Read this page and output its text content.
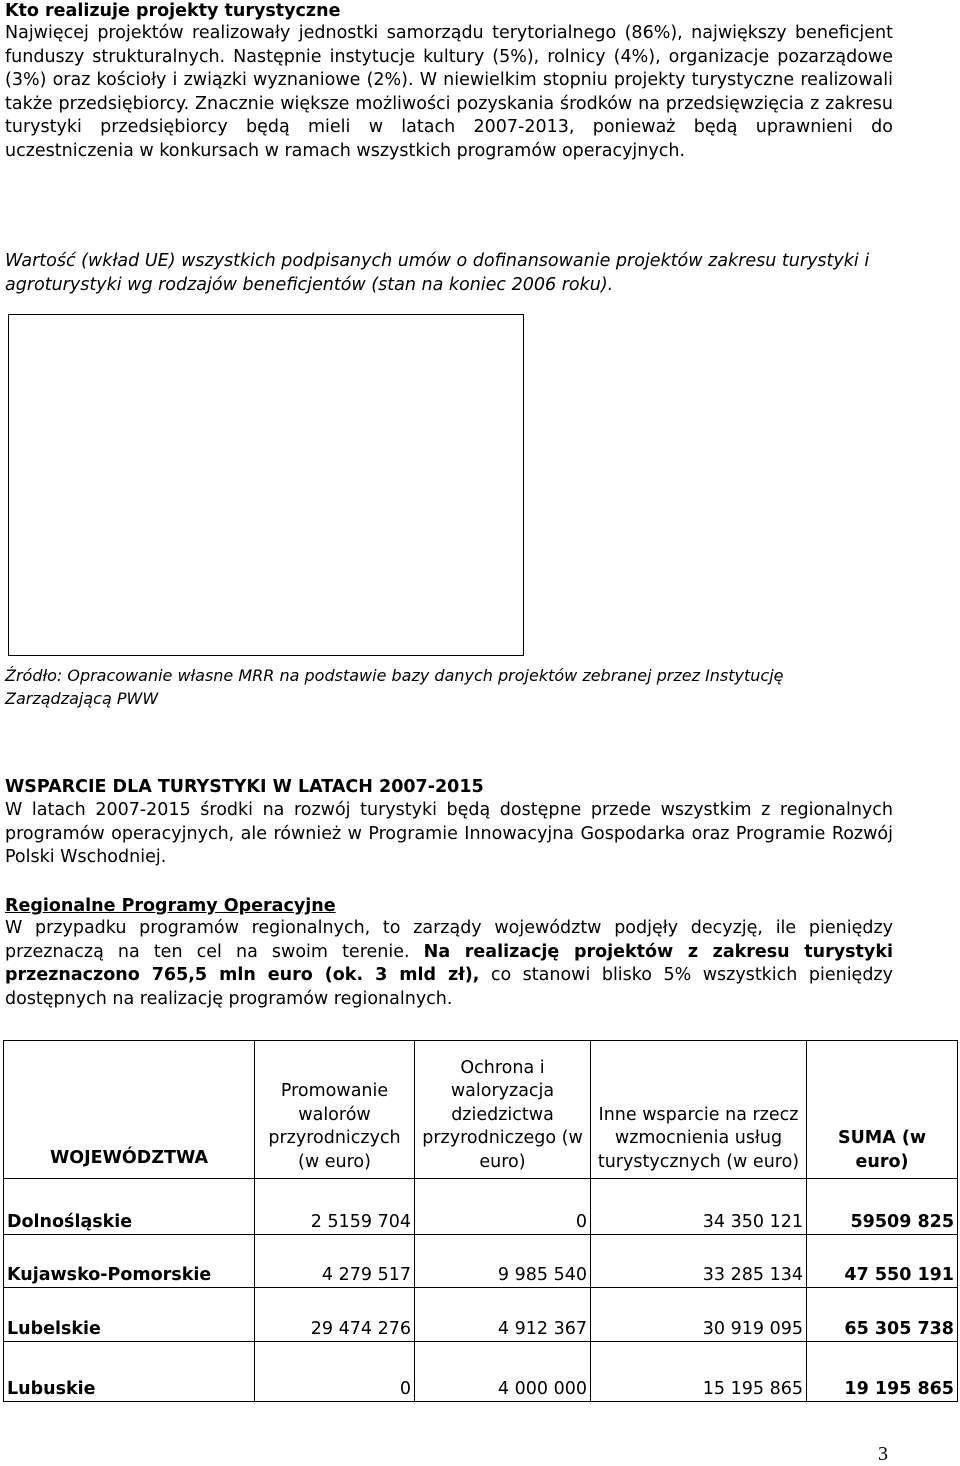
Kto realizuje projekty turystyczne

Najwięcej projektów realizowały jednostki samorządu terytorialnego (86%), największy beneficjent funduszy strukturalnych. Następnie instytucje kultury (5%), rolnicy (4%), organizacje pozarządowe (3%) oraz kościoły i związki wyznaniowe (2%). W niewielkim stopniu projekty turystyczne realizowali także przedsiębiorcy. Znacznie większe możliwości pozyskania środków na przedsięwzięcia z zakresu turystyki przedsiębiorcy będą mieli w latach 2007-2013, ponieważ będą uprawnieni do uczestniczenia w konkursach w ramach wszystkich programów operacyjnych.

Wartość (wkład UE) wszystkich podpisanych umów o dofinansowanie projektów zakresu turystyki i agroturystyki wg rodzajów beneficjentów (stan na koniec 2006 roku).

Źródło: Opracowanie własne MRR na podstawie bazy danych projektów zebranej przez Instytucję Zarządzającą PWW

WSPARCIE DLA TURYSTYKI W LATACH 2007-2015

W latach 2007-2015 środki na rozwój turystyki będą dostępne przede wszystkim z regionalnych programów operacyjnych, ale również w Programie Innowacyjna Gospodarka oraz Programie Rozwój Polski Wschodniej.

Regionalne Programy Operacyjne

W przypadku programów regionalnych, to zarządy województw podjęły decyzję, ile pieniędzy przeznaczą na ten cel na swoim terenie. Na realizację projektów z zakresu turystyki przeznaczono 765,5 mln euro (ok. 3 mld zł), co stanowi blisko 5% wszystkich pieniędzy dostępnych na realizację programów regionalnych.

WOJEWÓDZTWA	Promowanie walorów przyrodniczych (w euro)	Ochrona i waloryzacja dziedzictwa przyrodniczego (w euro)	Inne wsparcie na rzecz wzmocnienia usług turystycznych (w euro)	SUMA (w euro)
Dolnośląskie	2 5159 704	0	34 350 121	59509 825
Kujawsko-Pomorskie	4 279 517	9 985 540	33 285 134	47 550 191
Lubelskie	29 474 276	4 912 367	30 919 095	65 305 738
Lubuskie	0	4 000 000	15 195 865	19 195 865
3
